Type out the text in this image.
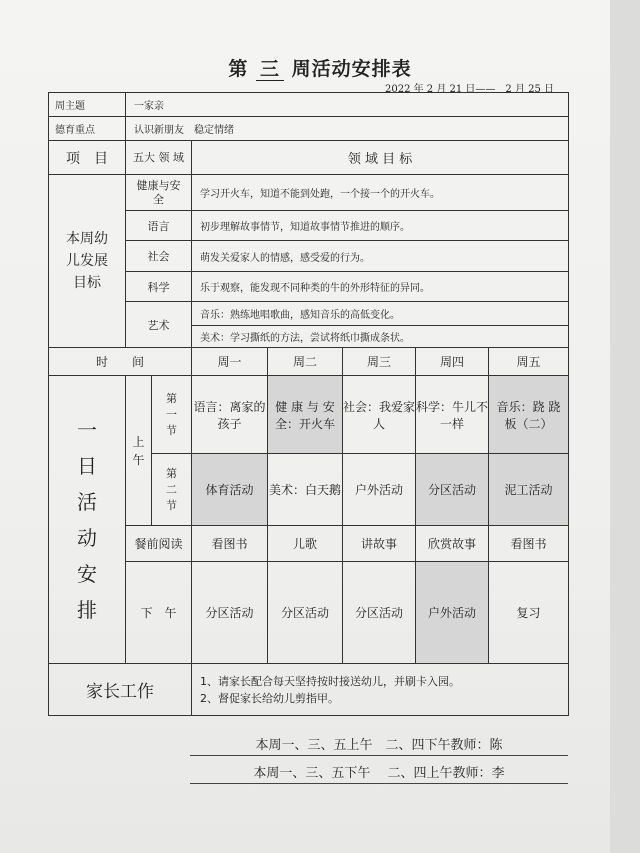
第 三 周活动安排表
2022 年 2 月 21 日——　2 月 25 日
周主题	一家亲						
德育重点	认识新朋友　稳定情绪						
项　目	五大 领 域		领 域 目 标				
本周幼儿发展目标	健康与安全		学习开火车，知道不能到处跑，一个接一个的开火车。				
	语言		初步理解故事情节，知道故事情节推进的顺序。				
	社会		萌发关爱家人的情感，感受爱的行为。				
	科学		乐于观察，能发现不同种类的牛的外形特征的异同。				
	艺术		音乐：熟练地唱歌曲，感知音乐的高低变化。				
			美术：学习撕纸的方法，尝试将纸巾撕成条状。				
时　　间			周一	周二	周三	周四	周五
一日活动安排	上午	第一节	语言：离家的孩子	健 康 与 安 全：开火车	社会：我爱家人	科学：牛儿不一样	音乐：跷 跷 板（二）
		第二节	体育活动	美术：白天鹅	户外活动	分区活动	泥工活动
	餐前阅读		看图书	儿歌	讲故事	欣赏故事	看图书
	下　午		分区活动	分区活动	分区活动	户外活动	复习
家长工作			1、请家长配合每天坚持按时接送幼儿，并刷卡入园。
2、督促家长给幼儿剪指甲。				
本周一、三、五上午　二、四下午教师：陈
本周一、三、五下午　 二、四上午教师：李
